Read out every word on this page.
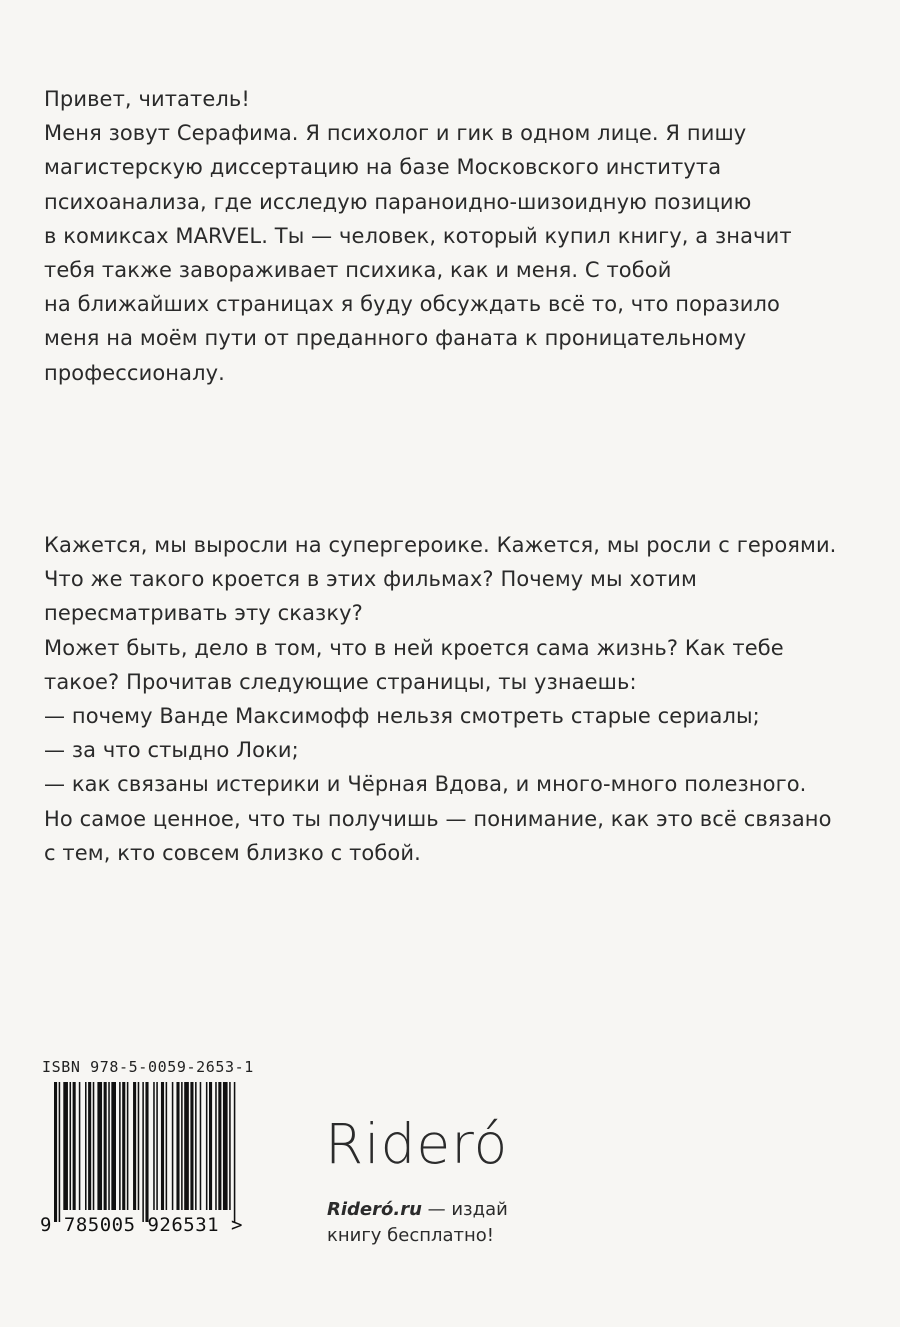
Привет, читатель!

Меня зовут Серафима. Я психолог и гик в одном лице. Я пишу

магистерскую диссертацию на базе Московского института

психоанализа, где исследую параноидно-шизоидную позицию

в комиксах MARVEL. Ты — человек, который купил книгу, а значит

тебя также завораживает психика, как и меня. С тобой

на ближайших страницах я буду обсуждать всё то, что поразило

меня на моём пути от преданного фаната к проницательному

профессионалу.

Кажется, мы выросли на супергероике. Кажется, мы росли с героями.

Что же такого кроется в этих фильмах? Почему мы хотим

пересматривать эту сказку?

Может быть, дело в том, что в ней кроется сама жизнь? Как тебе

такое? Прочитав следующие страницы, ты узнаешь:

— почему Ванде Максимофф нельзя смотреть старые сериалы;

— за что стыдно Локи;

— как связаны истерики и Чёрная Вдова, и много-много полезного.

Но самое ценное, что ты получишь — понимание, как это всё связано

с тем, кто совсем близко с тобой.

ISBN 978-5-0059-2653-1
9 785005 926531 >
Rideró
Rideró.ru — издай
книгу бесплатно!
